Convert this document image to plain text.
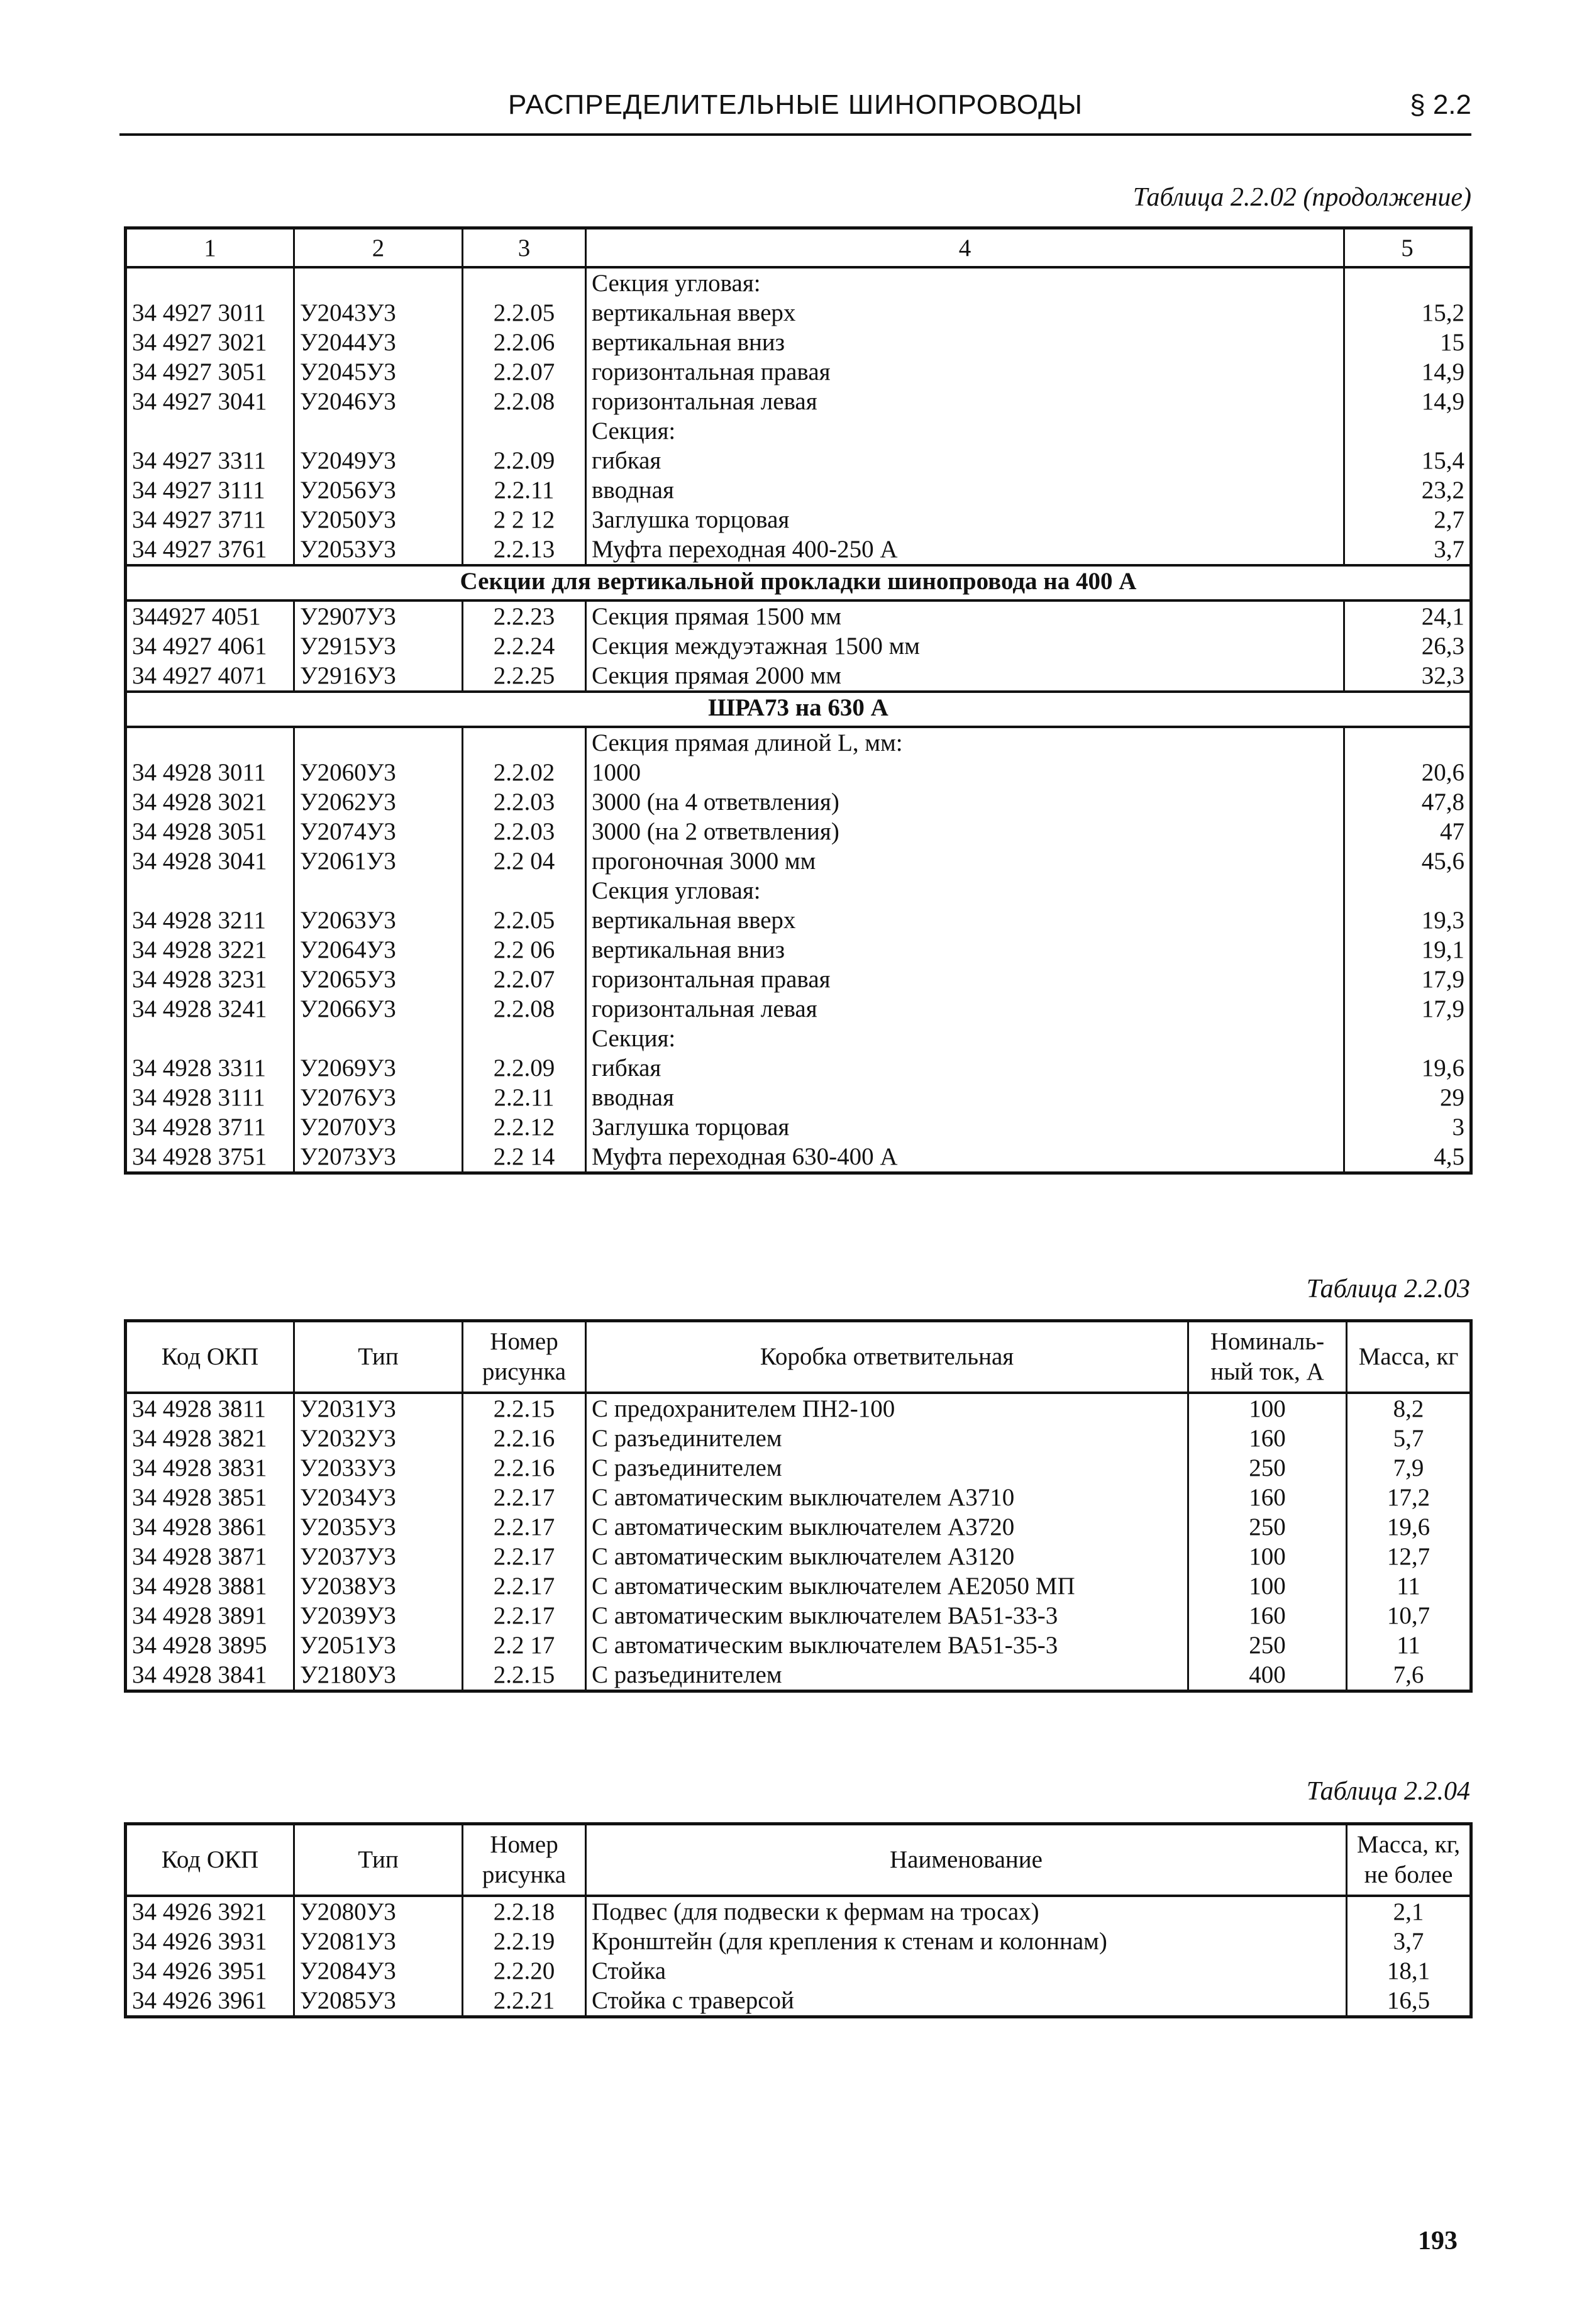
РАСПРЕДЕЛИТЕЛЬНЫЕ ШИНОПРОВОДЫ	§ 2.2
Таблица 2.2.02 (продолжение)
1	2	3	4	5
			Секция угловая:	
34 4927 3011	У2043У3	2.2.05	вертикальная вверх	15,2
34 4927 3021	У2044У3	2.2.06	вертикальная вниз	15
34 4927 3051	У2045У3	2.2.07	горизонтальная правая	14,9
34 4927 3041	У2046У3	2.2.08	горизонтальная левая	14,9
			Секция:	
34 4927 3311	У2049У3	2.2.09	гибкая	15,4
34 4927 3111	У2056У3	2.2.11	вводная	23,2
34 4927 3711	У2050У3	2 2 12	Заглушка торцовая	2,7
34 4927 3761	У2053У3	2.2.13	Муфта переходная 400-250 А	3,7
Секции для вертикальной прокладки шинопровода на 400 А				
344927 4051	У2907У3	2.2.23	Секция прямая 1500 мм	24,1
34 4927 4061	У2915У3	2.2.24	Секция междуэтажная 1500 мм	26,3
34 4927 4071	У2916У3	2.2.25	Секция прямая 2000 мм	32,3
ШРА73 на 630 А				
			Секция прямая длиной L, мм:	
34 4928 3011	У2060У3	2.2.02	1000	20,6
34 4928 3021	У2062У3	2.2.03	3000 (на 4 ответвления)	47,8
34 4928 3051	У2074У3	2.2.03	3000 (на 2 ответвления)	47
34 4928 3041	У2061У3	2.2 04	прогоночная 3000 мм	45,6
			Секция угловая:	
34 4928 3211	У2063У3	2.2.05	вертикальная вверх	19,3
34 4928 3221	У2064У3	2.2 06	вертикальная вниз	19,1
34 4928 3231	У2065У3	2.2.07	горизонтальная правая	17,9
34 4928 3241	У2066У3	2.2.08	горизонтальная левая	17,9
			Секция:	
34 4928 3311	У2069У3	2.2.09	гибкая	19,6
34 4928 3111	У2076У3	2.2.11	вводная	29
34 4928 3711	У2070У3	2.2.12	Заглушка торцовая	3
34 4928 3751	У2073У3	2.2 14	Муфта переходная 630-400 А	4,5
Таблица 2.2.03
Код ОКП	Тип	Номер рисунка	Коробка ответвительная	Номиналь-ный ток, А	Масса, кг
34 4928 3811	У2031У3	2.2.15	С предохранителем ПН2-100	100	8,2
34 4928 3821	У2032У3	2.2.16	С разъединителем	160	5,7
34 4928 3831	У2033У3	2.2.16	С разъединителем	250	7,9
34 4928 3851	У2034У3	2.2.17	С автоматическим выключателем А3710	160	17,2
34 4928 3861	У2035У3	2.2.17	С автоматическим выключателем А3720	250	19,6
34 4928 3871	У2037У3	2.2.17	С автоматическим выключателем А3120	100	12,7
34 4928 3881	У2038У3	2.2.17	С автоматическим выключателем АЕ2050 МП	100	11
34 4928 3891	У2039У3	2.2.17	С автоматическим выключателем ВА51-33-3	160	10,7
34 4928 3895	У2051У3	2.2 17	С автоматическим выключателем ВА51-35-3	250	11
34 4928 3841	У2180У3	2.2.15	С разъединителем	400	7,6
Таблица 2.2.04
Код ОКП	Тип	Номер рисунка	Наименование	Масса, кг, не более
34 4926 3921	У2080У3	2.2.18	Подвес (для подвески к фермам на тросах)	2,1
34 4926 3931	У2081У3	2.2.19	Кронштейн (для крепления к стенам и колоннам)	3,7
34 4926 3951	У2084У3	2.2.20	Стойка	18,1
34 4926 3961	У2085У3	2.2.21	Стойка с траверсой	16,5
193
